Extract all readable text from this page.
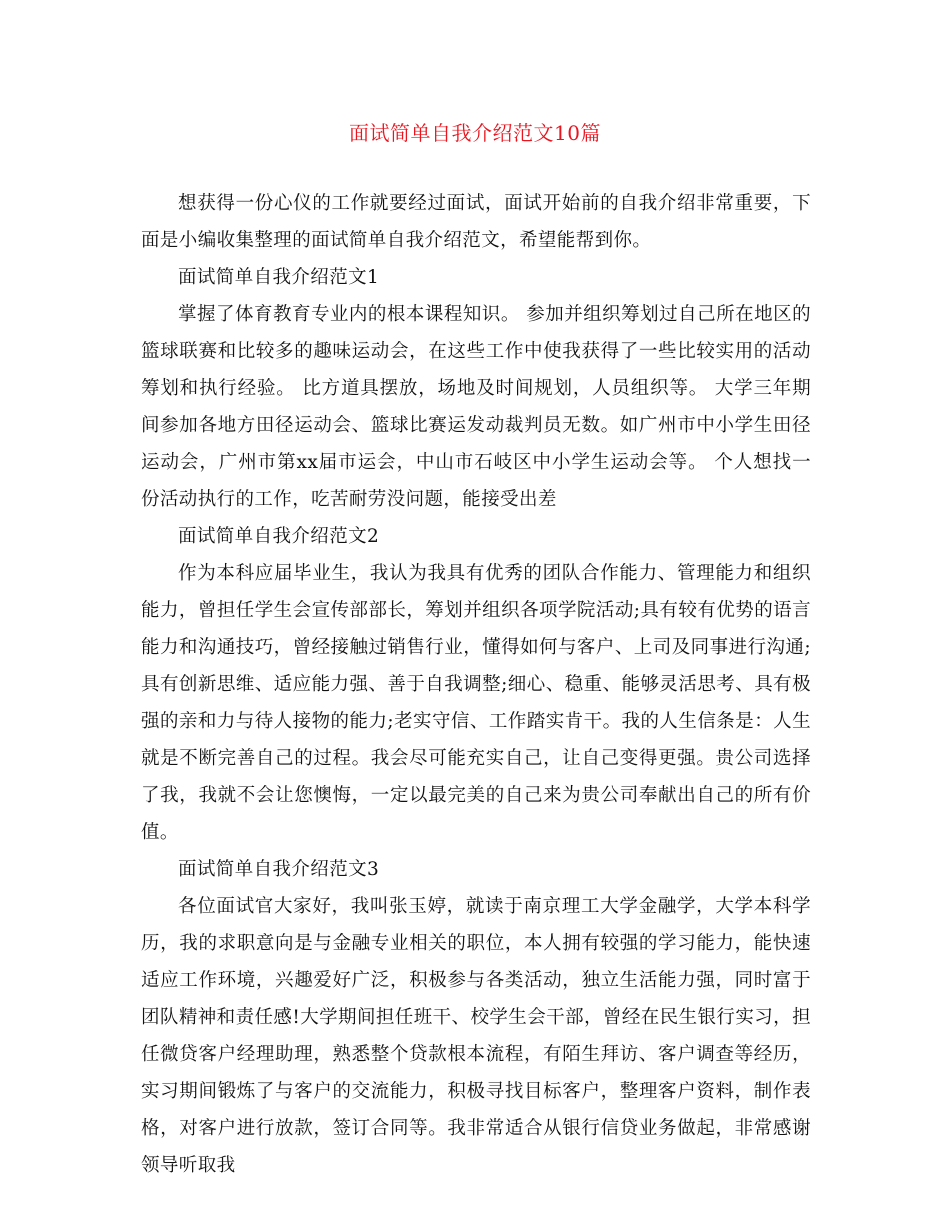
面试简单自我介绍范文10篇

想获得一份心仪的工作就要经过面试，面试开始前的自我介绍非常重要，下面是小编收集整理的面试简单自我介绍范文，希望能帮到你。

面试简单自我介绍范文1

掌握了体育教育专业内的根本课程知识。 参加并组织筹划过自己所在地区的篮球联赛和比较多的趣味运动会，在这些工作中使我获得了一些比较实用的活动筹划和执行经验。 比方道具摆放，场地及时间规划，人员组织等。 大学三年期间参加各地方田径运动会、篮球比赛运发动裁判员无数。如广州市中小学生田径运动会，广州市第xx届市运会，中山市石岐区中小学生运动会等。 个人想找一份活动执行的工作，吃苦耐劳没问题，能接受出差

面试简单自我介绍范文2

作为本科应届毕业生，我认为我具有优秀的团队合作能力、管理能力和组织能力，曾担任学生会宣传部部长，筹划并组织各项学院活动;具有较有优势的语言能力和沟通技巧，曾经接触过销售行业，懂得如何与客户、上司及同事进行沟通;具有创新思维、适应能力强、善于自我调整;细心、稳重、能够灵活思考、具有极强的亲和力与待人接物的能力;老实守信、工作踏实肯干。我的人生信条是：人生就是不断完善自己的过程。我会尽可能充实自己，让自己变得更强。贵公司选择了我，我就不会让您懊悔，一定以最完美的自己来为贵公司奉献出自己的所有价值。

面试简单自我介绍范文3

各位面试官大家好，我叫张玉婷，就读于南京理工大学金融学，大学本科学历，我的求职意向是与金融专业相关的职位，本人拥有较强的学习能力，能快速适应工作环境，兴趣爱好广泛，积极参与各类活动，独立生活能力强，同时富于团队精神和责任感!大学期间担任班干、校学生会干部，曾经在民生银行实习，担任微贷客户经理助理，熟悉整个贷款根本流程，有陌生拜访、客户调查等经历，实习期间锻炼了与客户的交流能力，积极寻找目标客户，整理客户资料，制作表格，对客户进行放款，签订合同等。我非常适合从银行信贷业务做起，非常感谢领导听取我
